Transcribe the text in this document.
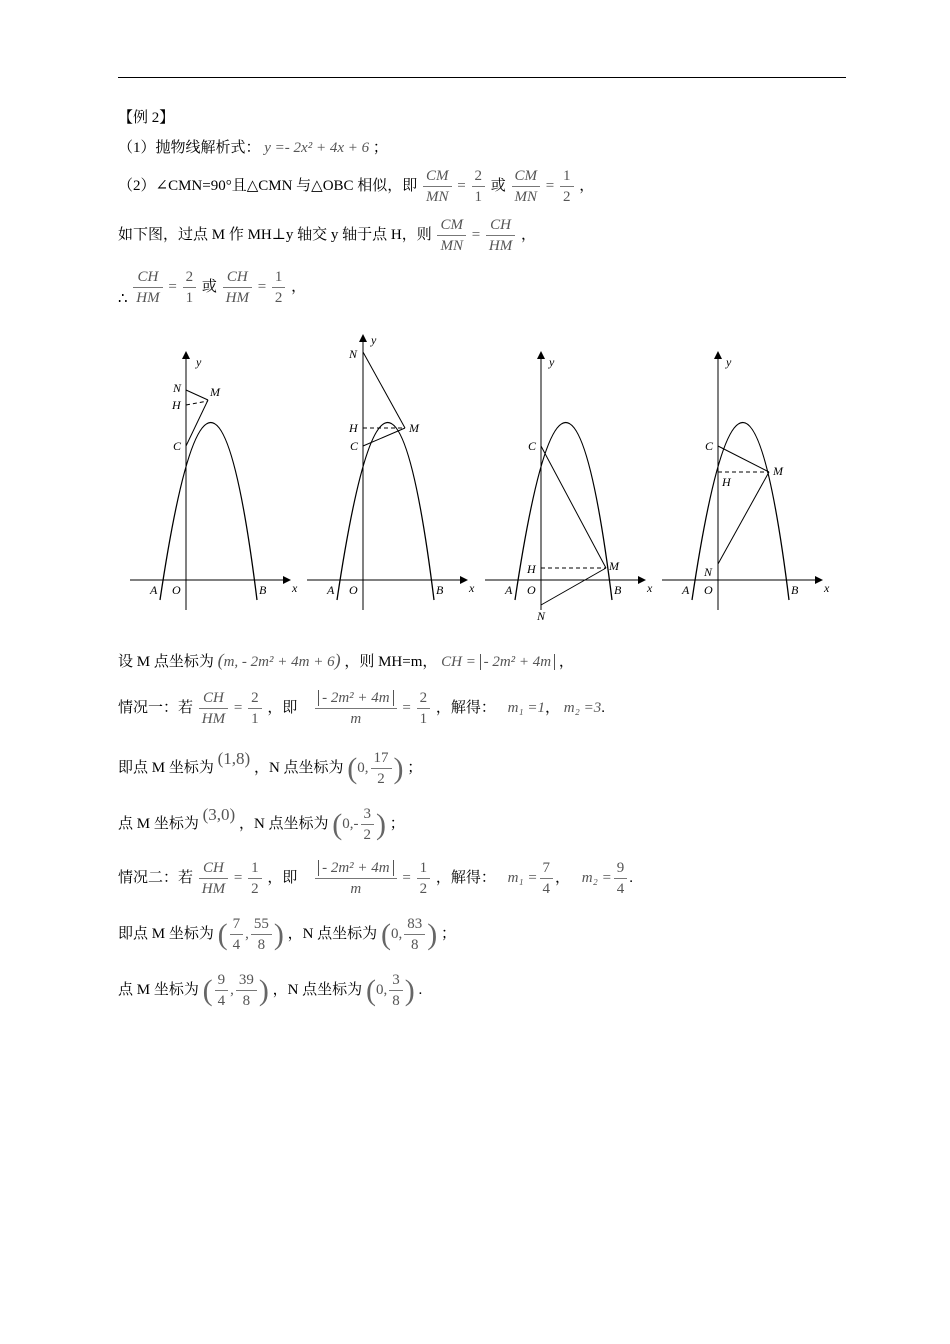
【例 2】
（1）抛物线解析式： y =- 2x² + 4x + 6 ；
（2）∠CMN=90°且△CMN 与△OBC 相似，即 $\frac{CM}{MN} = \frac{2}{1}$ 或 $\frac{CM}{MN} = \frac{1}{2}$ ，
如下图，过点 M 作 MH⊥y 轴交 y 轴于点 H，则 $\frac{CM}{MN} = \frac{CH}{HM}$ ，
∴ $\frac{CH}{HM} = \frac{2}{1}$ 或 $\frac{CH}{HM} = \frac{1}{2}$ ，
y
x
A O	B
C
H
N M
y
x
A O	B
C
H
N
M
y
x
A O	B
C
H
N
M
y
x
A O	B
C
H
N
M
设 M 点坐标为 (m, - 2m² + 4m + 6) ，则 MH=m， CH = - 2m² + 4m ，
情况一：若 $\frac{CH}{HM} = \frac{2}{1}$ ，即 $\frac{\text{- 2m² + 4m}}{m} = \frac{2}{1}$ ，解得： m₁ =1， m₂ =3.
即点 M 坐标为 (1,8) ，N 点坐标为 (0, $\frac{17}{2}$ ) ；
点 M 坐标为 (3,0) ，N 点坐标为 ($0,- \frac{3}{2}$ ) ；
情况二：若 $\frac{CH}{HM} = \frac{1}{2}$ ，即 $\frac{\text{- 2m² + 4m}}{m} = \frac{1}{2}$ ，解得： $m_1 = \frac{7}{4}$ ， $m_2 = \frac{9}{4}$ .
即点 M 坐标为 ( $\frac{7}{4}$ , $\frac{55}{8}$ ) ，N 点坐标为 (0, $\frac{83}{8}$ ) ；
点 M 坐标为 ( $\frac{9}{4}$ , $\frac{39}{8}$ ) ，N 点坐标为 (0, $\frac{3}{8}$ ) .
